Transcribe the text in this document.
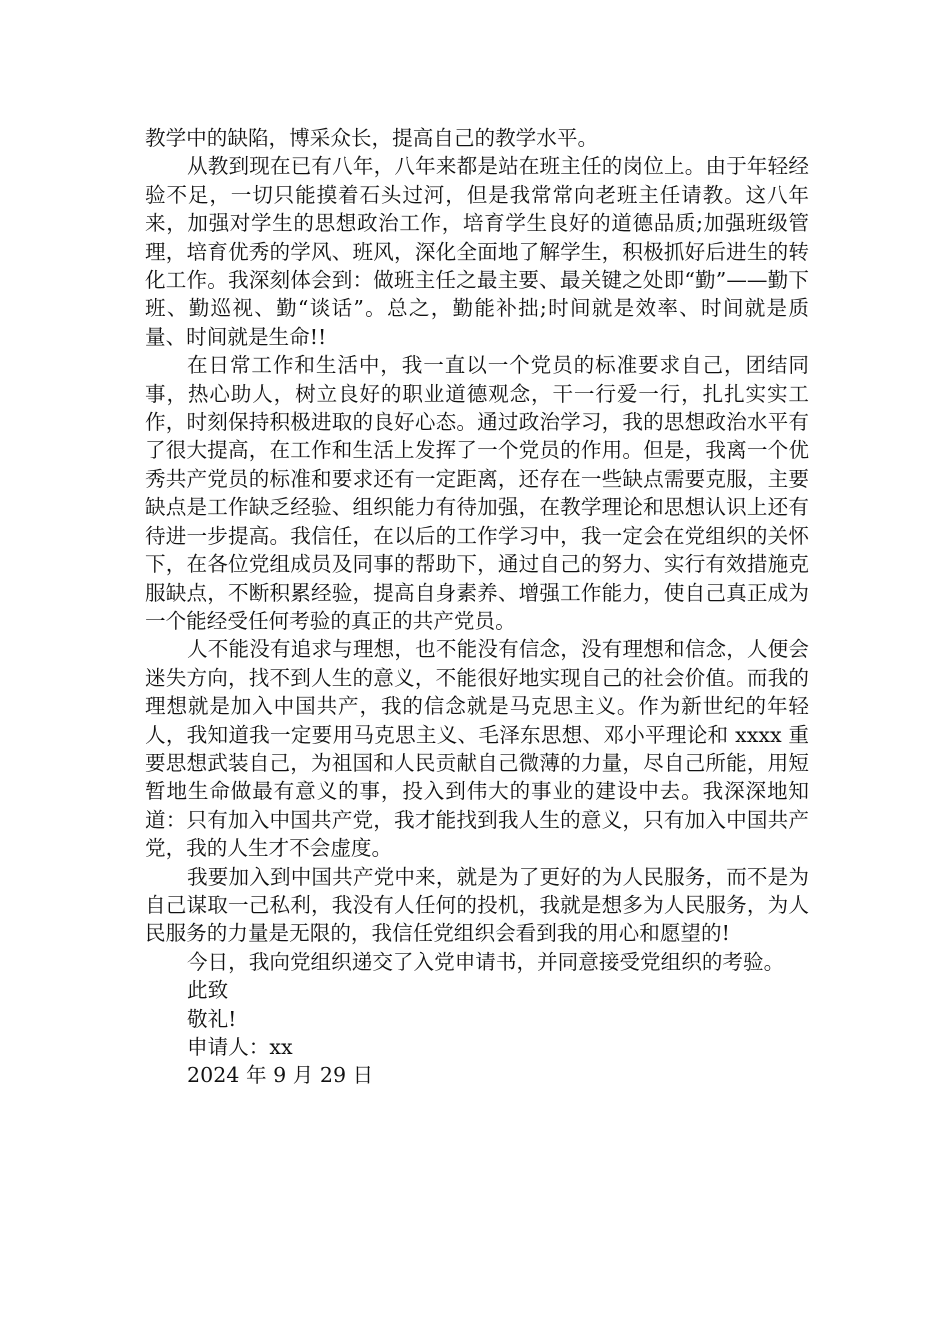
教学中的缺陷，博采众长，提高自己的教学水平。

从教到现在已有八年，八年来都是站在班主任的岗位上。由于年轻经验不足，一切只能摸着石头过河，但是我常常向老班主任请教。这八年来，加强对学生的思想政治工作，培育学生良好的道德品质;加强班级管理，培育优秀的学风、班风，深化全面地了解学生，积极抓好后进生的转化工作。我深刻体会到：做班主任之最主要、最关键之处即“勤”——勤下班、勤巡视、勤“谈话”。总之，勤能补拙;时间就是效率、时间就是质量、时间就是生命!!

在日常工作和生活中，我一直以一个党员的标准要求自己，团结同事，热心助人，树立良好的职业道德观念，干一行爱一行，扎扎实实工作，时刻保持积极进取的良好心态。通过政治学习，我的思想政治水平有了很大提高，在工作和生活上发挥了一个党员的作用。但是，我离一个优秀共产党员的标准和要求还有一定距离，还存在一些缺点需要克服，主要缺点是工作缺乏经验、组织能力有待加强，在教学理论和思想认识上还有待进一步提高。我信任，在以后的工作学习中，我一定会在党组织的关怀下，在各位党组成员及同事的帮助下，通过自己的努力、实行有效措施克服缺点，不断积累经验，提高自身素养、增强工作能力，使自己真正成为一个能经受任何考验的真正的共产党员。

人不能没有追求与理想，也不能没有信念，没有理想和信念，人便会迷失方向，找不到人生的意义，不能很好地实现自己的社会价值。而我的理想就是加入中国共产，我的信念就是马克思主义。作为新世纪的年轻人，我知道我一定要用马克思主义、毛泽东思想、邓小平理论和 xxxx 重要思想武装自己，为祖国和人民贡献自己微薄的力量，尽自己所能，用短暂地生命做最有意义的事，投入到伟大的事业的建设中去。我深深地知道：只有加入中国共产党，我才能找到我人生的意义，只有加入中国共产党，我的人生才不会虚度。

我要加入到中国共产党中来，就是为了更好的为人民服务，而不是为自己谋取一己私利，我没有人任何的投机，我就是想多为人民服务，为人民服务的力量是无限的，我信任党组织会看到我的用心和愿望的!

今日，我向党组织递交了入党申请书，并同意接受党组织的考验。

此致

敬礼!

申请人：xx

2024 年 9 月 29 日
